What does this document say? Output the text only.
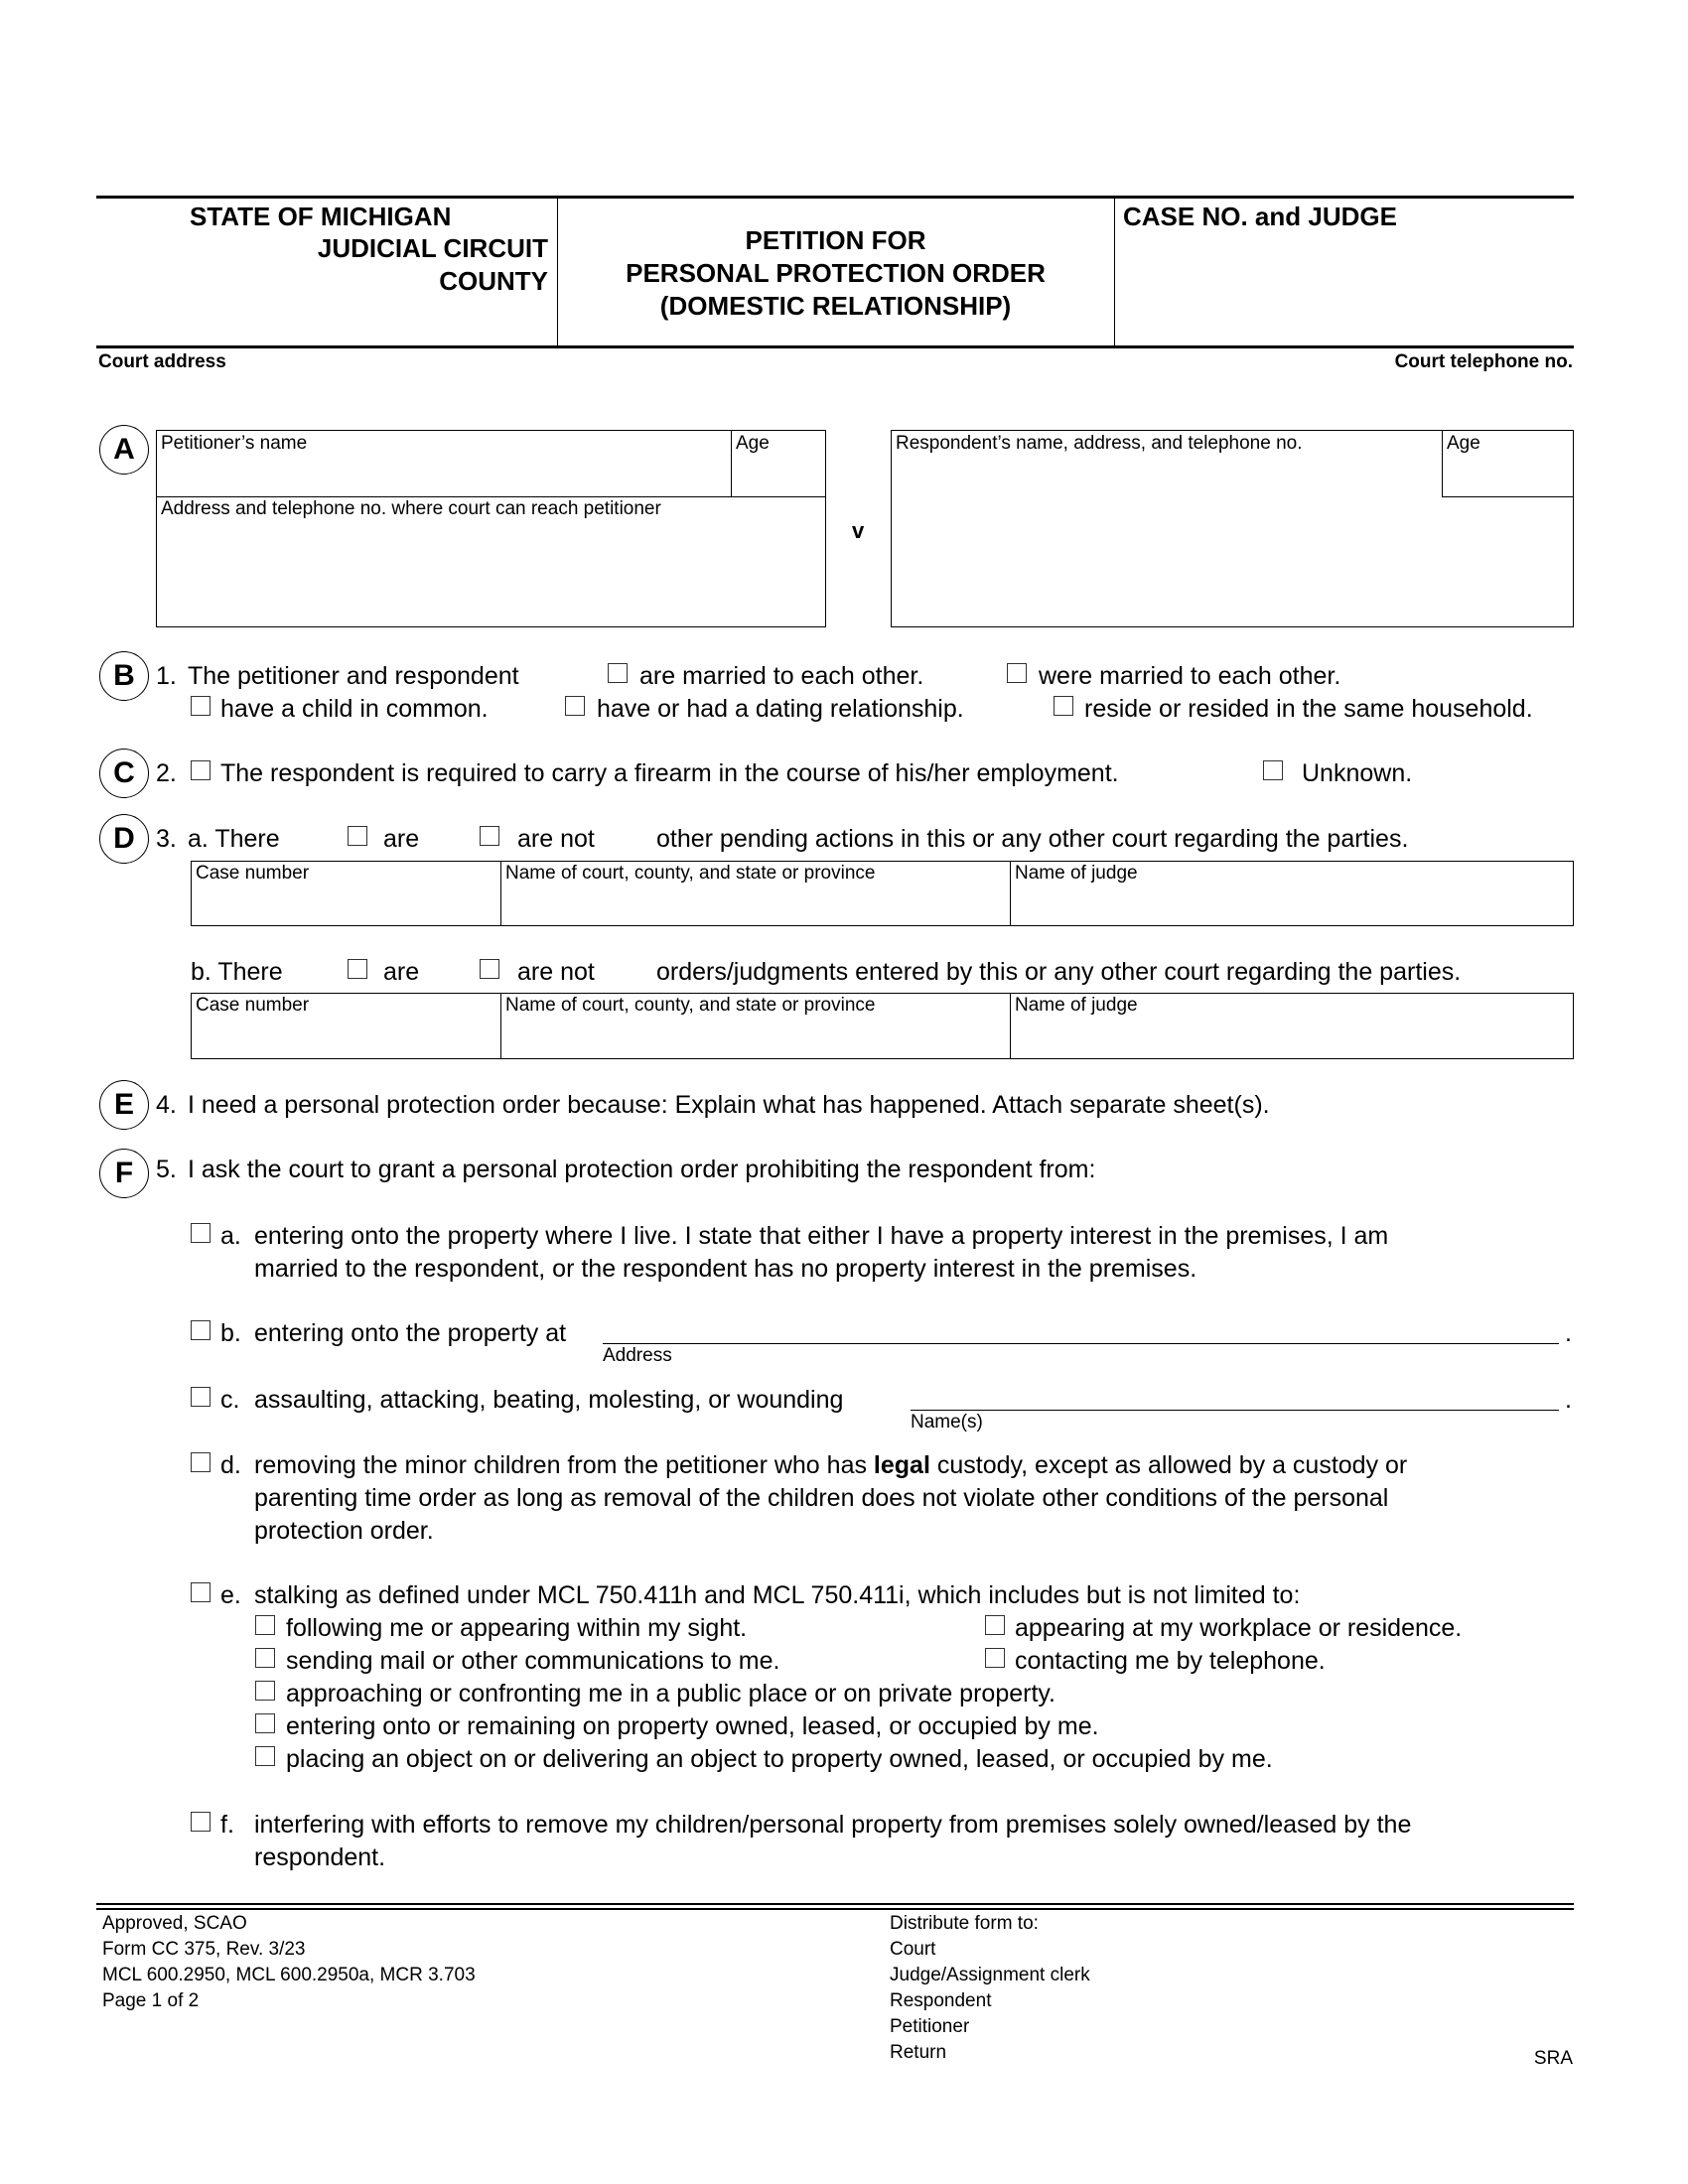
STATE OF MICHIGAN
JUDICIAL CIRCUIT
COUNTY
PETITION FOR
PERSONAL PROTECTION ORDER
(DOMESTIC RELATIONSHIP)
CASE NO. and JUDGE
Court address	Court telephone no.
A	Petitioner’s name	Age
Address and telephone no. where court can reach petitioner
v
Respondent’s name, address, and telephone no.	Age
B 1. The petitioner and respondent	are married to each other.	were married to each other.
have a child in common.	have or had a dating relationship.	reside or resided in the same household.
C 2. The respondent is required to carry a firearm in the course of his/her employment.	Unknown.
D 3. a. There	are	are not other pending actions in this or any other court regarding the parties.
Case number	Name of court, county, and state or province	Name of judge
b. There	are	are not orders/judgments entered by this or any other court regarding the parties.
Case number	Name of court, county, and state or province	Name of judge
E 4. I need a personal protection order because: Explain what has happened. Attach separate sheet(s).
F 5. I ask the court to grant a personal protection order prohibiting the respondent from:
a. entering onto the property where I live. I state that either I have a property interest in the premises, I am
married to the respondent, or the respondent has no property interest in the premises.
b. entering onto the property at	.
Address
c. assaulting, attacking, beating, molesting, or wounding	.
Name(s)
d. removing the minor children from the petitioner who has legal custody, except as allowed by a custody or
parenting time order as long as removal of the children does not violate other conditions of the personal
protection order.
e. stalking as defined under MCL 750.411h and MCL 750.411i, which includes but is not limited to:
following me or appearing within my sight.	appearing at my workplace or residence.
sending mail or other communications to me.	contacting me by telephone.
approaching or confronting me in a public place or on private property.
entering onto or remaining on property owned, leased, or occupied by me.
placing an object on or delivering an object to property owned, leased, or occupied by me.
f. interfering with efforts to remove my children/personal property from premises solely owned/leased by the
respondent.
Approved, SCAO
Form CC 375, Rev. 3/23
MCL 600.2950, MCL 600.2950a, MCR 3.703
Page 1 of 2
Distribute form to:
Court
Judge/Assignment clerk
Respondent
Petitioner
Return	SRA
